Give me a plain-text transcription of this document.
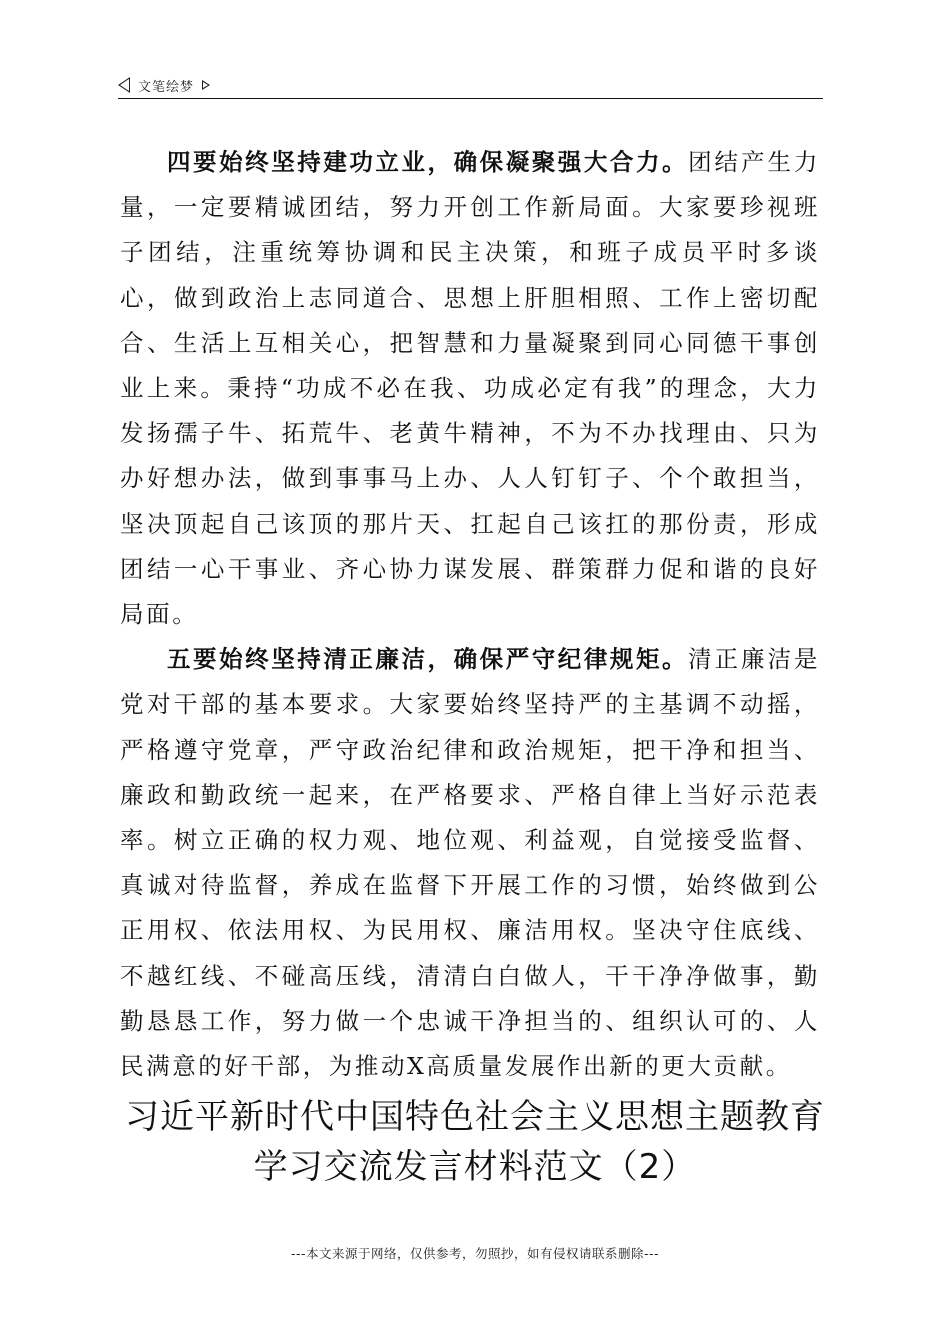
文笔绘梦

四要始终坚持建功立业，确保凝聚强大合力。团结产生力量，一定要精诚团结，努力开创工作新局面。大家要珍视班子团结，注重统筹协调和民主决策，和班子成员平时多谈心，做到政治上志同道合、思想上肝胆相照、工作上密切配合、生活上互相关心，把智慧和力量凝聚到同心同德干事创业上来。秉持“功成不必在我、功成必定有我”的理念，大力发扬孺子牛、拓荒牛、老黄牛精神，不为不办找理由、只为办好想办法，做到事事马上办、人人钉钉子、个个敢担当，坚决顶起自己该顶的那片天、扛起自己该扛的那份责，形成团结一心干事业、齐心协力谋发展、群策群力促和谐的良好局面。

五要始终坚持清正廉洁，确保严守纪律规矩。清正廉洁是党对干部的基本要求。大家要始终坚持严的主基调不动摇，严格遵守党章，严守政治纪律和政治规矩，把干净和担当、廉政和勤政统一起来，在严格要求、严格自律上当好示范表率。树立正确的权力观、地位观、利益观，自觉接受监督、真诚对待监督，养成在监督下开展工作的习惯，始终做到公正用权、依法用权、为民用权、廉洁用权。坚决守住底线、不越红线、不碰高压线，清清白白做人，干干净净做事，勤勤恳恳工作，努力做一个忠诚干净担当的、组织认可的、人民满意的好干部，为推动X高质量发展作出新的更大贡献。

习近平新时代中国特色社会主义思想主题教育
学习交流发言材料范文（2）
---本文来源于网络，仅供参考，勿照抄，如有侵权请联系删除---
